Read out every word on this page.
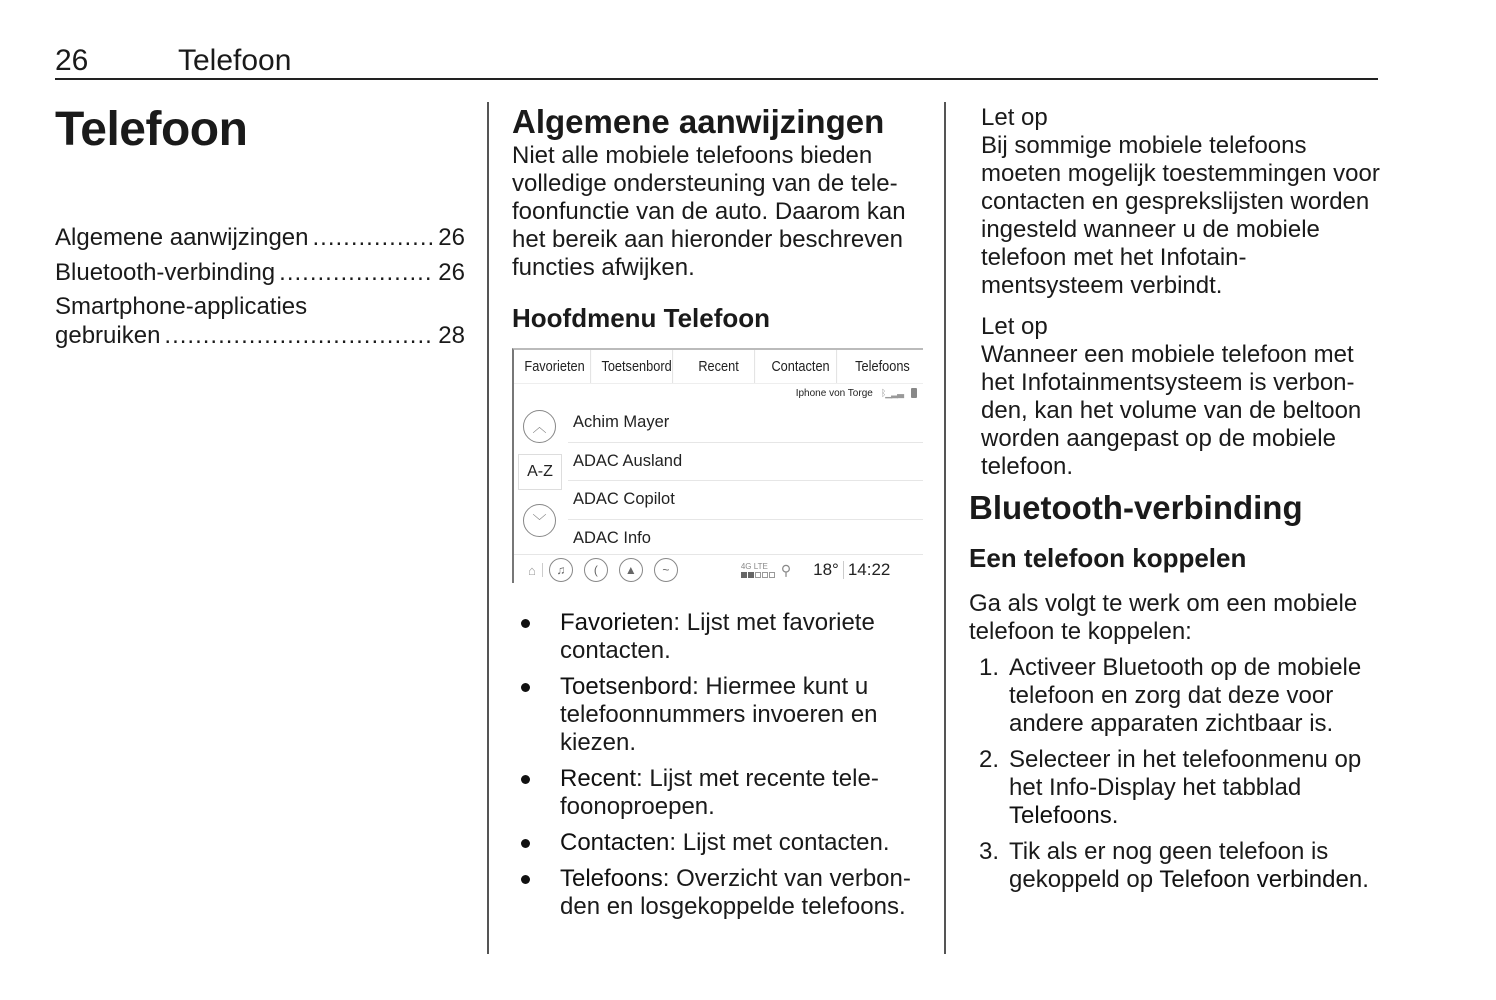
26	Telefoon
Telefoon
Algemene aanwijzingen .....	26
Bluetooth-verbinding .....	26
Smartphone-applicaties
gebruiken .....	28
Algemene aanwijzingen
Niet alle mobiele telefoons bieden
volledige ondersteuning van de tele-
foonfunctie van de auto. Daarom kan
het bereik aan hieronder beschreven
functies afwijken.
Hoofdmenu Telefoon
Favorieten	Toetsenbord	Recent	Contacten	Telefoons
Iphone von Torge ᛒ▁▂▃
︿
A-Z
﹀
Achim Mayer
ADAC Ausland
ADAC Copilot
ADAC Info
⌂	♫	(	▲	~	4G LTE ⚲ 18° 14:22
Favorieten: Lijst met favoriete contacten.
Toetsenbord: Hiermee kunt u telefoonnummers invoeren en kiezen.
Recent: Lijst met recente tele-foonoproepen.
Contacten: Lijst met contacten.
Telefoons: Overzicht van verbon-den en losgekoppelde telefoons.
Let op
Bij sommige mobiele telefoons moeten mogelijk toestemmingen voor contacten en gesprekslijsten worden ingesteld wanneer u de mobiele telefoon met het Infotain-mentsysteem verbindt.
Let op
Wanneer een mobiele telefoon met het Infotainmentsysteem is verbon-den, kan het volume van de beltoon worden aangepast op de mobiele telefoon.
Bluetooth-verbinding
Een telefoon koppelen
Ga als volgt te werk om een mobiele telefoon te koppelen:
1. Activeer Bluetooth op de mobiele telefoon en zorg dat deze voor andere apparaten zichtbaar is.
2. Selecteer in het telefoonmenu op het Info-Display het tabblad Telefoons.
3. Tik als er nog geen telefoon is gekoppeld op Telefoon verbinden.
